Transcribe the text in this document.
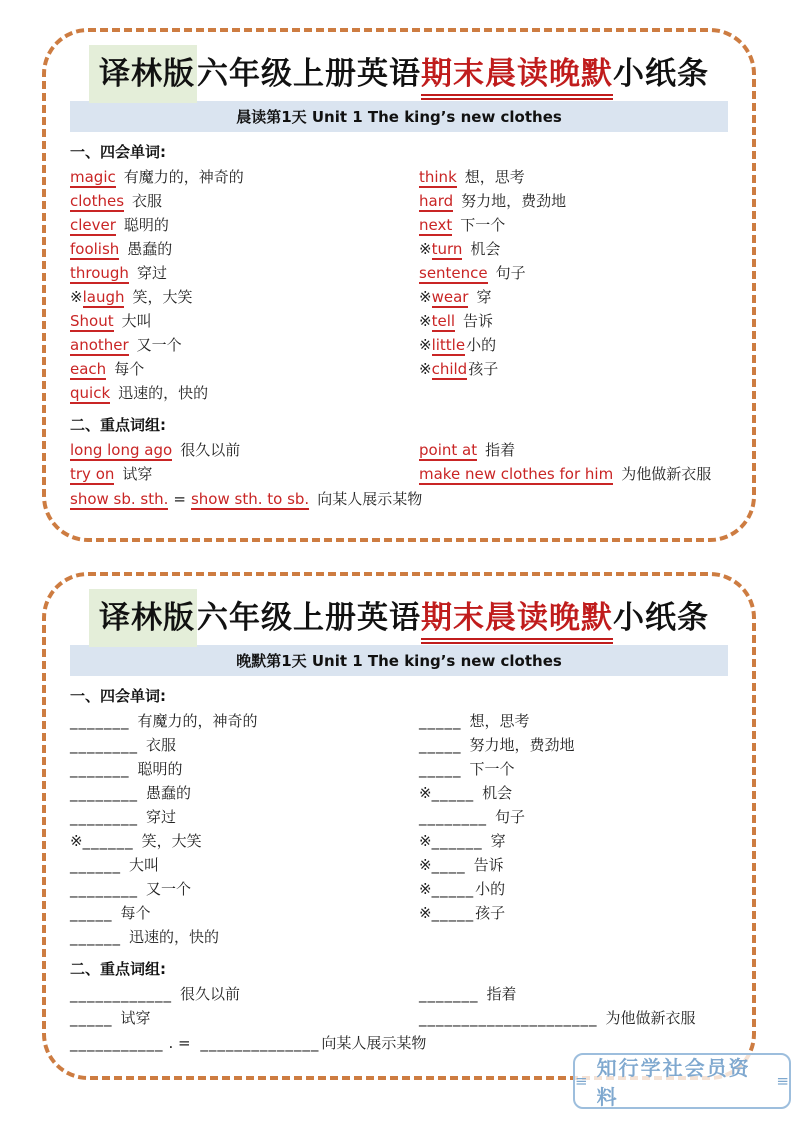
译林版六年级上册英语期末晨读晚默小纸条
晨读第1天 Unit 1 The king’s new clothes
一、四会单词:
magic 有魔力的，神奇的
clothes 衣服
clever 聪明的
foolish 愚蠢的
through 穿过
※laugh 笑，大笑
Shout 大叫
another 又一个
each 每个
quick 迅速的，快的
think 想，思考
hard 努力地，费劲地
next 下一个
※turn 机会
sentence 句子
※wear 穿
※tell 告诉
※little小的
※child孩子
二、重点词组:
long long ago 很久以前
try on 试穿
point at 指着
make new clothes for him 为他做新衣服
show sb. sth. = show sth. to sb. 向某人展示某物
译林版六年级上册英语期末晨读晚默小纸条
晚默第1天 Unit 1 The king’s new clothes
一、四会单词:
_______ 有魔力的，神奇的
________ 衣服
_______ 聪明的
________ 愚蠢的
________ 穿过
※______ 笑，大笑
______ 大叫
________ 又一个
_____ 每个
______ 迅速的，快的
_____ 想，思考
_____ 努力地，费劲地
_____ 下一个
※_____ 机会
________ 句子
※______ 穿
※____ 告诉
※_____小的
※_____孩子
二、重点词组:
____________ 很久以前
_____ 试穿
_______ 指着
_____________________ 为他做新衣服
___________ . = ______________ 向某人展示某物
≡
知行学社会员资料
≡
